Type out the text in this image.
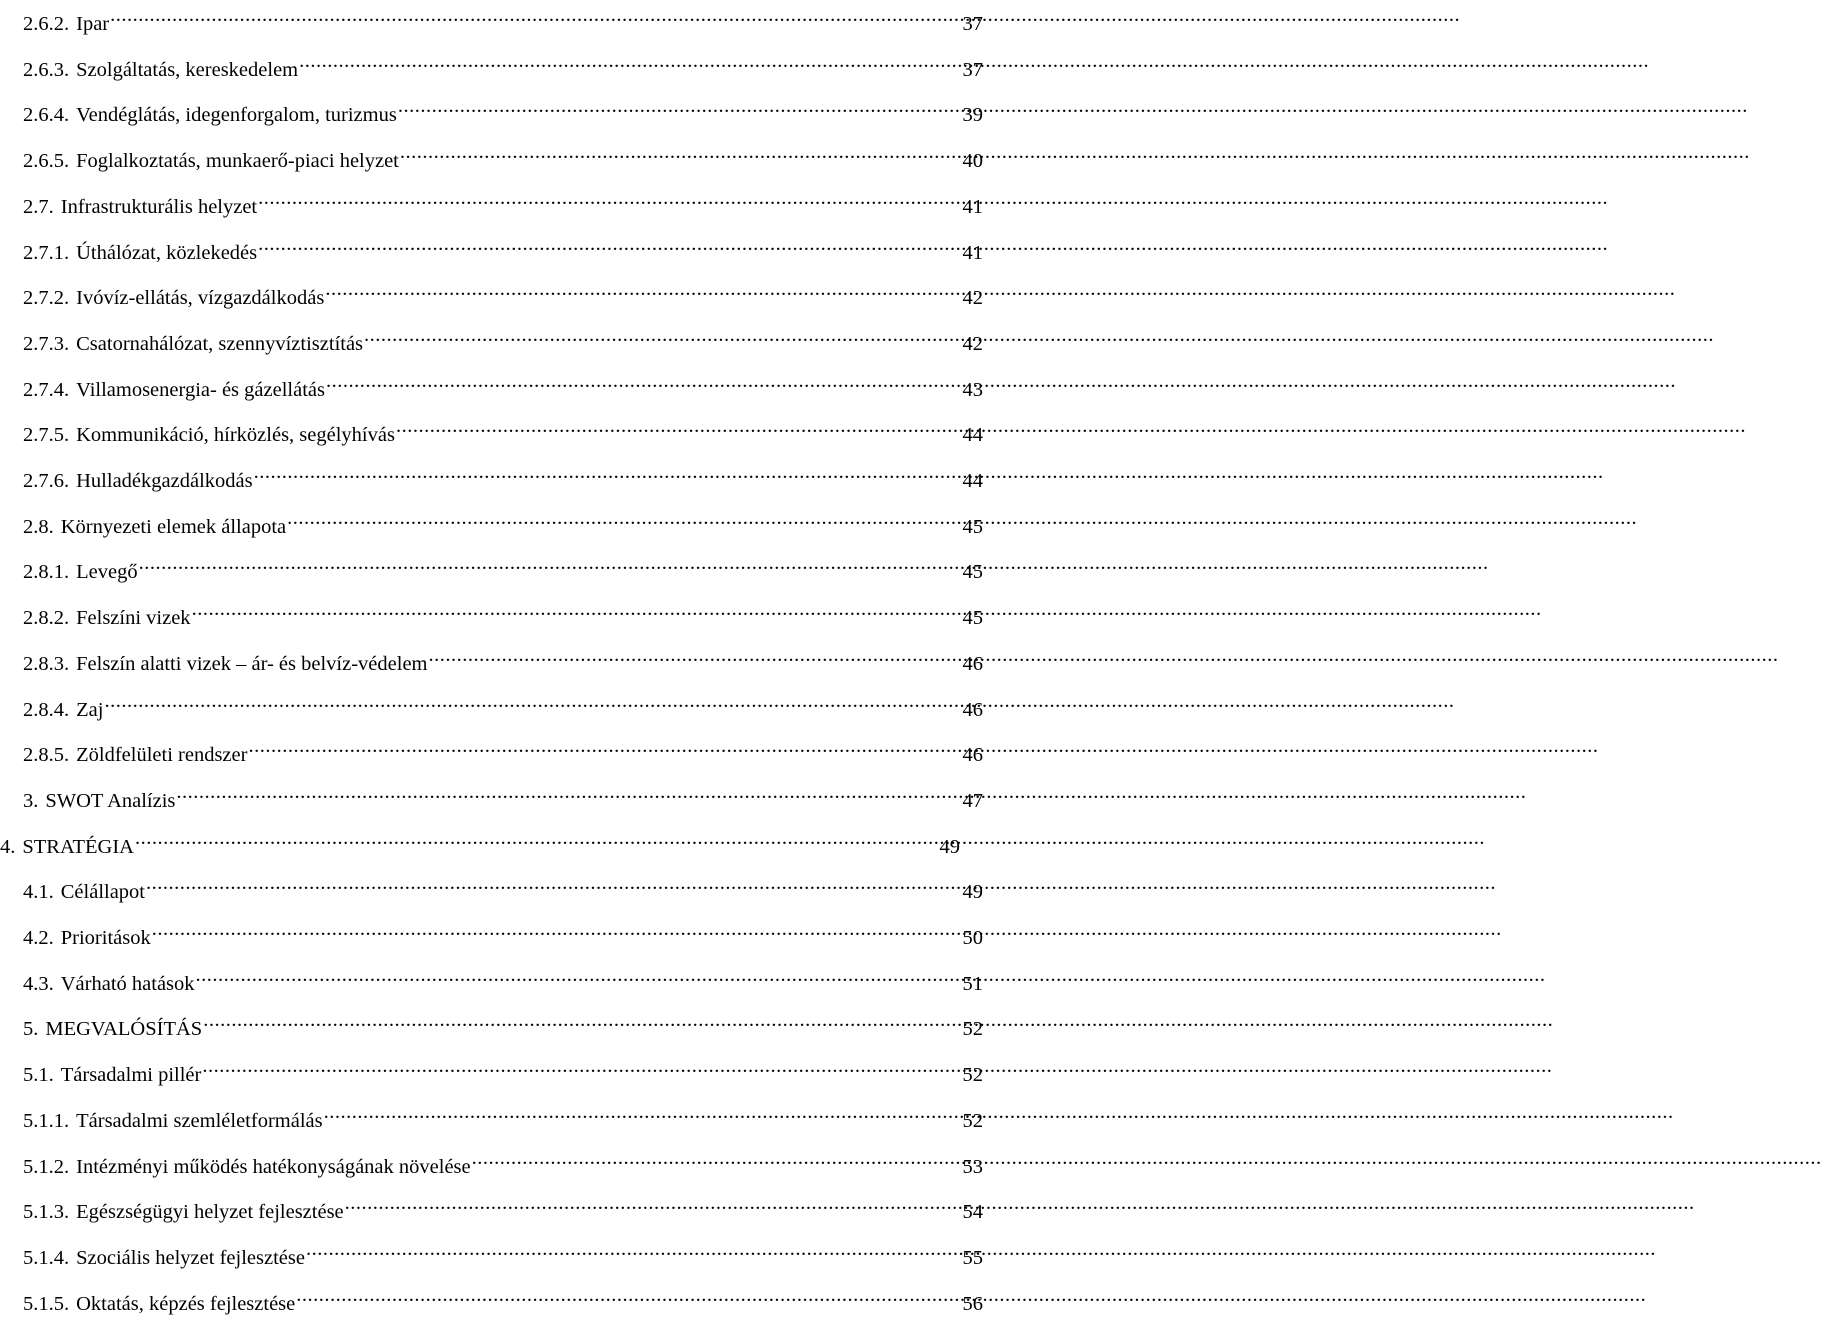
2.6.2. Ipar .....	37
2.6.3. Szolgáltatás, kereskedelem .....	37
2.6.4. Vendéglátás, idegenforgalom, turizmus .....	39
2.6.5. Foglalkoztatás, munkaerő-piaci helyzet .....	40
2.7. Infrastrukturális helyzet .....	41
2.7.1. Úthálózat, közlekedés .....	41
2.7.2. Ivóvíz-ellátás, vízgazdálkodás .....	42
2.7.3. Csatornahálózat, szennyvíztisztítás .....	42
2.7.4. Villamosenergia- és gázellátás .....	43
2.7.5. Kommunikáció, hírközlés, segélyhívás .....	44
2.7.6. Hulladékgazdálkodás .....	44
2.8. Környezeti elemek állapota .....	45
2.8.1. Levegő .....	45
2.8.2. Felszíni vizek .....	45
2.8.3. Felszín alatti vizek – ár- és belvíz-védelem .....	46
2.8.4. Zaj .....	46
2.8.5. Zöldfelületi rendszer .....	46
3. SWOT Analízis .....	47
4. STRATÉGIA .....	49
4.1. Célállapot .....	49
4.2. Prioritások .....	50
4.3. Várható hatások .....	51
5. MEGVALÓSÍTÁS .....	52
5.1. Társadalmi pillér .....	52
5.1.1. Társadalmi szemléletformálás .....	52
5.1.2. Intézményi működés hatékonyságának növelése .....	53
5.1.3. Egészségügyi helyzet fejlesztése .....	54
5.1.4. Szociális helyzet fejlesztése .....	55
5.1.5. Oktatás, képzés fejlesztése .....	56
